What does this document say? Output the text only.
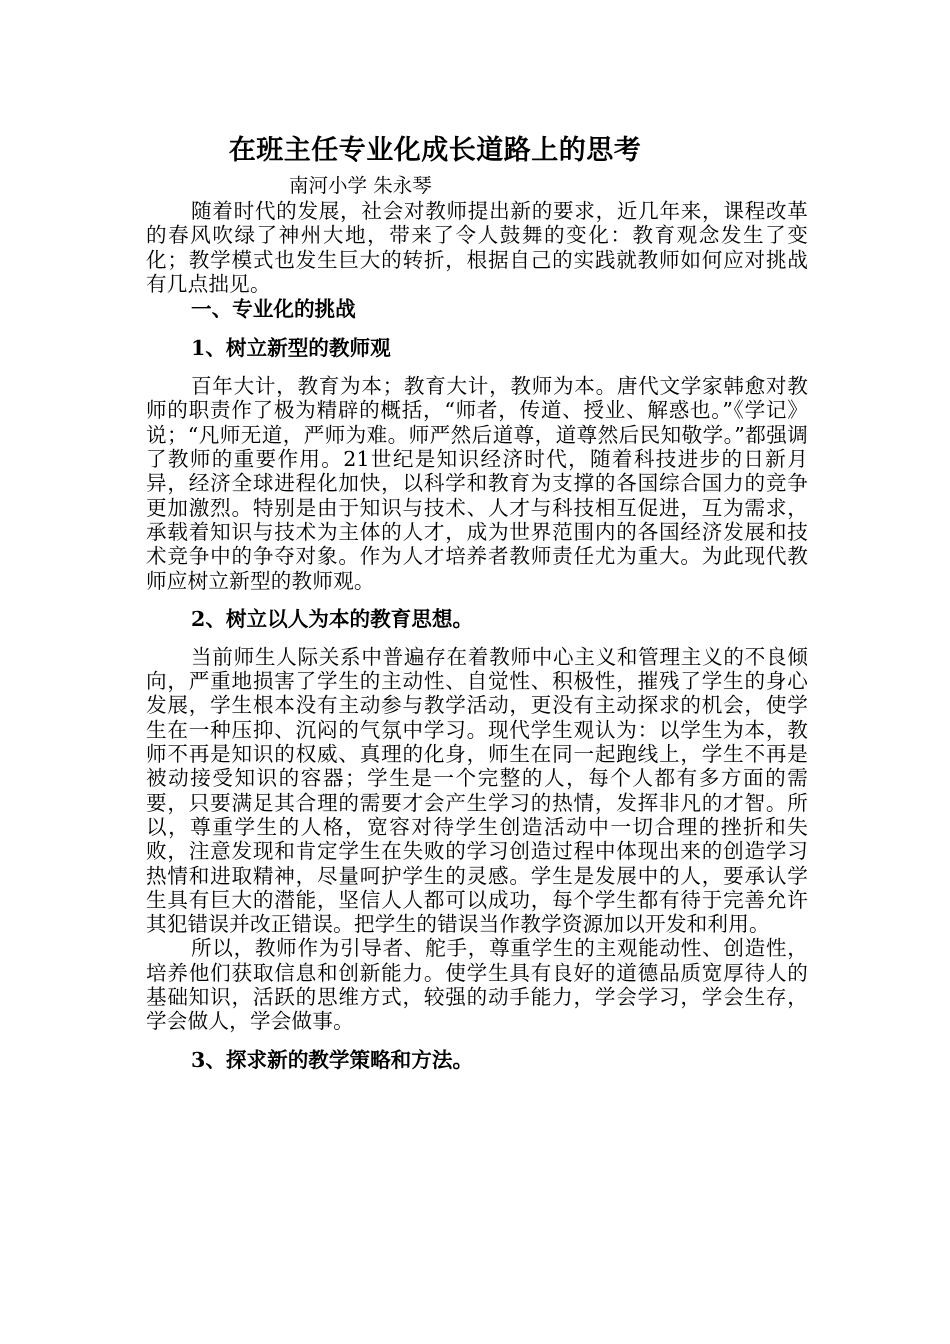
在班主任专业化成长道路上的思考
南河小学 朱永琴

随着时代的发展，社会对教师提出新的要求，近几年来，课程改革的春风吹绿了神州大地，带来了令人鼓舞的变化：教育观念发生了变化；教学模式也发生巨大的转折，根据自己的实践就教师如何应对挑战有几点拙见。

一、专业化的挑战

1、树立新型的教师观

百年大计，教育为本；教育大计，教师为本。唐代文学家韩愈对教师的职责作了极为精辟的概括，“师者，传道、授业、解惑也。”《学记》说；“凡师无道，严师为难。师严然后道尊，道尊然后民知敬学。”都强调了教师的重要作用。21世纪是知识经济时代，随着科技进步的日新月异，经济全球进程化加快，以科学和教育为支撑的各国综合国力的竞争更加激烈。特别是由于知识与技术、人才与科技相互促进，互为需求，承载着知识与技术为主体的人才，成为世界范围内的各国经济发展和技术竞争中的争夺对象。作为人才培养者教师责任尤为重大。为此现代教师应树立新型的教师观。

2、树立以人为本的教育思想。

当前师生人际关系中普遍存在着教师中心主义和管理主义的不良倾向，严重地损害了学生的主动性、自觉性、积极性，摧残了学生的身心发展，学生根本没有主动参与教学活动，更没有主动探求的机会，使学生在一种压抑、沉闷的气氛中学习。现代学生观认为：以学生为本，教师不再是知识的权威、真理的化身，师生在同一起跑线上，学生不再是被动接受知识的容器；学生是一个完整的人，每个人都有多方面的需要，只要满足其合理的需要才会产生学习的热情，发挥非凡的才智。所以，尊重学生的人格，宽容对待学生创造活动中一切合理的挫折和失败，注意发现和肯定学生在失败的学习创造过程中体现出来的创造学习热情和进取精神，尽量呵护学生的灵感。学生是发展中的人，要承认学生具有巨大的潜能，坚信人人都可以成功，每个学生都有待于完善允许其犯错误并改正错误。把学生的错误当作教学资源加以开发和利用。

所以，教师作为引导者、舵手，尊重学生的主观能动性、创造性，培养他们获取信息和创新能力。使学生具有良好的道德品质宽厚待人的基础知识，活跃的思维方式，较强的动手能力，学会学习，学会生存，学会做人，学会做事。

3、探求新的教学策略和方法。
